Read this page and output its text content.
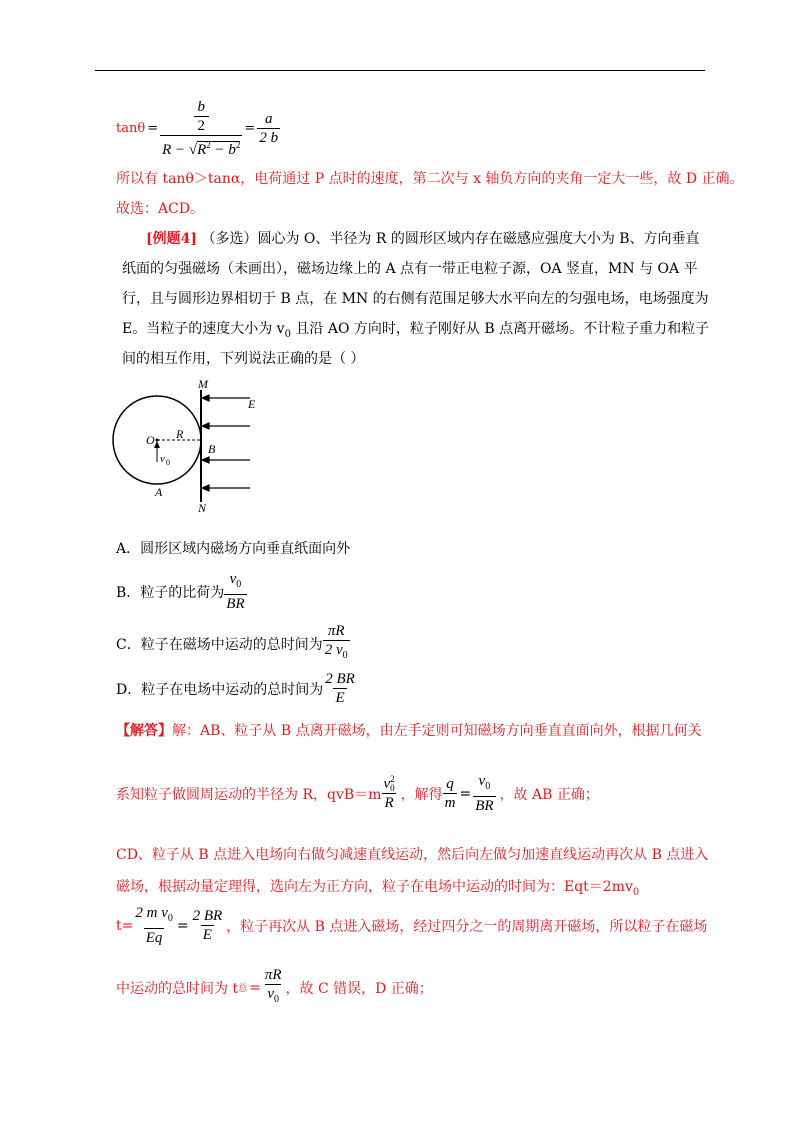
$\tan\theta = \frac{\frac{b}{2}}{R - √R^2 - b^2} = \frac{a}{2 b}$
所以有 tanθ＞tanα，电荷通过 P 点时的速度，第二次与 x 轴负方向的夹角一定大一些，故 D 正确。
故选：ACD。
[例题4] （多选）圆心为 O、半径为 R 的圆形区域内存在磁感应强度大小为 B、方向垂直
纸面的匀强磁场（未画出），磁场边缘上的 A 点有一带正电粒子源，OA 竖直，MN 与 OA 平
行，且与圆形边界相切于 B 点，在 MN 的右侧有范围足够大水平向左的匀强电场，电场强度为
E。当粒子的速度大小为 $v_0$ 且沿 AO 方向时，粒子刚好从 B 点离开磁场。不计粒子重力和粒子
间的相互作用，下列说法正确的是（ ）
M
E
O R
B
v 0
A
N
A．圆形区域内磁场方向垂直纸面向外
B．粒子的比荷为 $\frac{v_0}{BR}$
C．粒子在磁场中运动的总时间为 $\frac{\pi R}{2 v_0}$
D．粒子在电场中运动的总时间为 $\frac{2 BR}{E}$
【解答】解：AB、粒子从 B 点离开磁场，由左手定则可知磁场方向垂直直面向外，根据几何关
系知粒子做圆周运动的半径为 R，qvB＝m v 2
0
R ，解得 $\frac{q}{m} = \frac{v_0}{BR}$ ，故 AB 正确；
CD、粒子从 B 点进入电场向右做匀减速直线运动，然后向左做匀加速直线运动再次从 B 点进入
磁场，根据动量定理得，选向左为正方向，粒子在电场中运动的时间为：$Eqt=2mv_0$
$t= \frac{2 m v_0}{Eq} = \frac{2 BR}{E}$ ，粒子再次从 B 点进入磁场，经过四分之一的周期离开磁场，所以粒子在磁场
中运动的总时间为 t 总 = $\frac{\pi R}{v_0}$ ，故 C 错误，D 正确；
